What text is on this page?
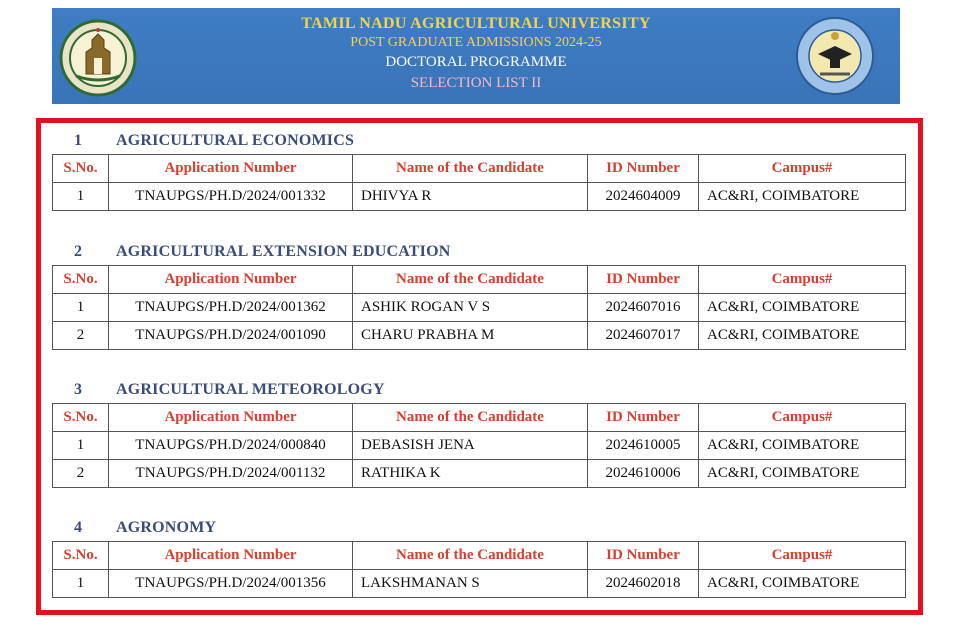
TAMIL NADU AGRICULTURAL UNIVERSITY
POST GRADUATE ADMISSIONS 2024-25
DOCTORAL PROGRAMME
SELECTION LIST II
1 AGRICULTURAL ECONOMICS
S.No.	Application Number	Name of the Candidate	ID Number	Campus#
1	TNAUPGS/PH.D/2024/001332	DHIVYA R	2024604009	AC&RI, COIMBATORE
2 AGRICULTURAL EXTENSION EDUCATION
S.No.	Application Number	Name of the Candidate	ID Number	Campus#
1	TNAUPGS/PH.D/2024/001362	ASHIK ROGAN V S	2024607016	AC&RI, COIMBATORE
2	TNAUPGS/PH.D/2024/001090	CHARU PRABHA M	2024607017	AC&RI, COIMBATORE
3 AGRICULTURAL METEOROLOGY
S.No.	Application Number	Name of the Candidate	ID Number	Campus#
1	TNAUPGS/PH.D/2024/000840	DEBASISH JENA	2024610005	AC&RI, COIMBATORE
2	TNAUPGS/PH.D/2024/001132	RATHIKA K	2024610006	AC&RI, COIMBATORE
4 AGRONOMY
S.No.	Application Number	Name of the Candidate	ID Number	Campus#
1	TNAUPGS/PH.D/2024/001356	LAKSHMANAN S	2024602018	AC&RI, COIMBATORE
